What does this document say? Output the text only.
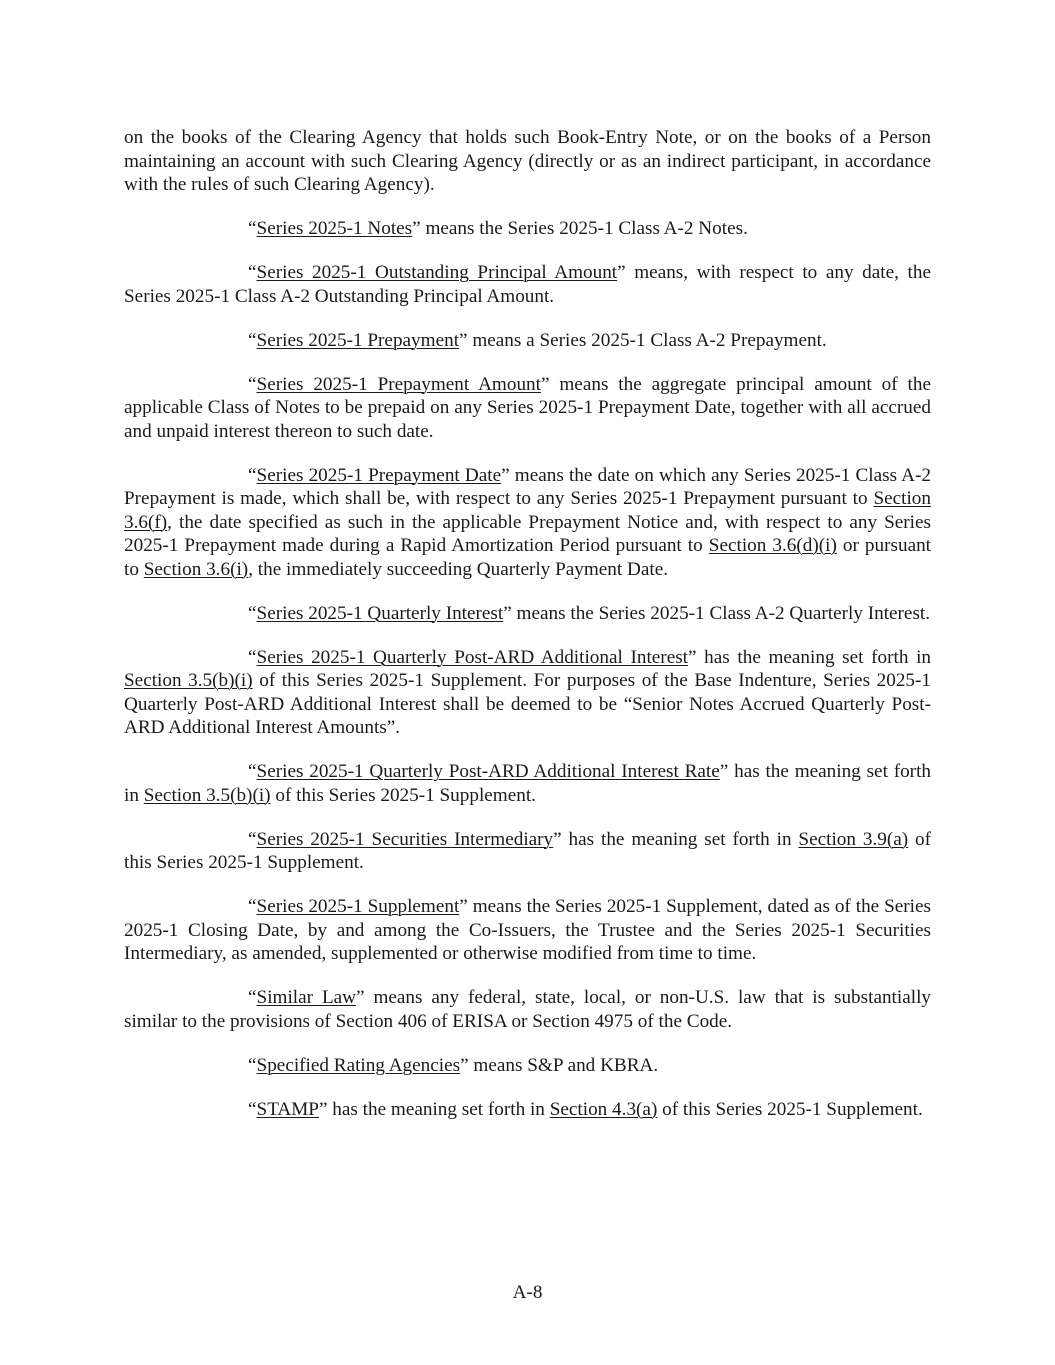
on the books of the Clearing Agency that holds such Book-Entry Note, or on the books of a Person maintaining an account with such Clearing Agency (directly or as an indirect participant, in accordance with the rules of such Clearing Agency).

“Series 2025-1 Notes” means the Series 2025-1 Class A-2 Notes.

“Series 2025-1 Outstanding Principal Amount” means, with respect to any date, the Series 2025-1 Class A-2 Outstanding Principal Amount.

“Series 2025-1 Prepayment” means a Series 2025-1 Class A-2 Prepayment.

“Series 2025-1 Prepayment Amount” means the aggregate principal amount of the applicable Class of Notes to be prepaid on any Series 2025-1 Prepayment Date, together with all accrued and unpaid interest thereon to such date.

“Series 2025-1 Prepayment Date” means the date on which any Series 2025-1 Class A-2 Prepayment is made, which shall be, with respect to any Series 2025-1 Prepayment pursuant to Section 3.6(f), the date specified as such in the applicable Prepayment Notice and, with respect to any Series 2025-1 Prepayment made during a Rapid Amortization Period pursuant to Section 3.6(d)(i) or pursuant to Section 3.6(i), the immediately succeeding Quarterly Payment Date.

“Series 2025-1 Quarterly Interest” means the Series 2025-1 Class A-2 Quarterly Interest.

“Series 2025-1 Quarterly Post-ARD Additional Interest” has the meaning set forth in Section 3.5(b)(i) of this Series 2025-1 Supplement. For purposes of the Base Indenture, Series 2025-1 Quarterly Post-ARD Additional Interest shall be deemed to be “Senior Notes Accrued Quarterly Post-ARD Additional Interest Amounts”.

“Series 2025-1 Quarterly Post-ARD Additional Interest Rate” has the meaning set forth in Section 3.5(b)(i) of this Series 2025-1 Supplement.

“Series 2025-1 Securities Intermediary” has the meaning set forth in Section 3.9(a) of this Series 2025-1 Supplement.

“Series 2025-1 Supplement” means the Series 2025-1 Supplement, dated as of the Series 2025-1 Closing Date, by and among the Co-Issuers, the Trustee and the Series 2025-1 Securities Intermediary, as amended, supplemented or otherwise modified from time to time.

“Similar Law” means any federal, state, local, or non-U.S. law that is substantially similar to the provisions of Section 406 of ERISA or Section 4975 of the Code.

“Specified Rating Agencies” means S&P and KBRA.

“STAMP” has the meaning set forth in Section 4.3(a) of this Series 2025-1 Supplement.

A-8
